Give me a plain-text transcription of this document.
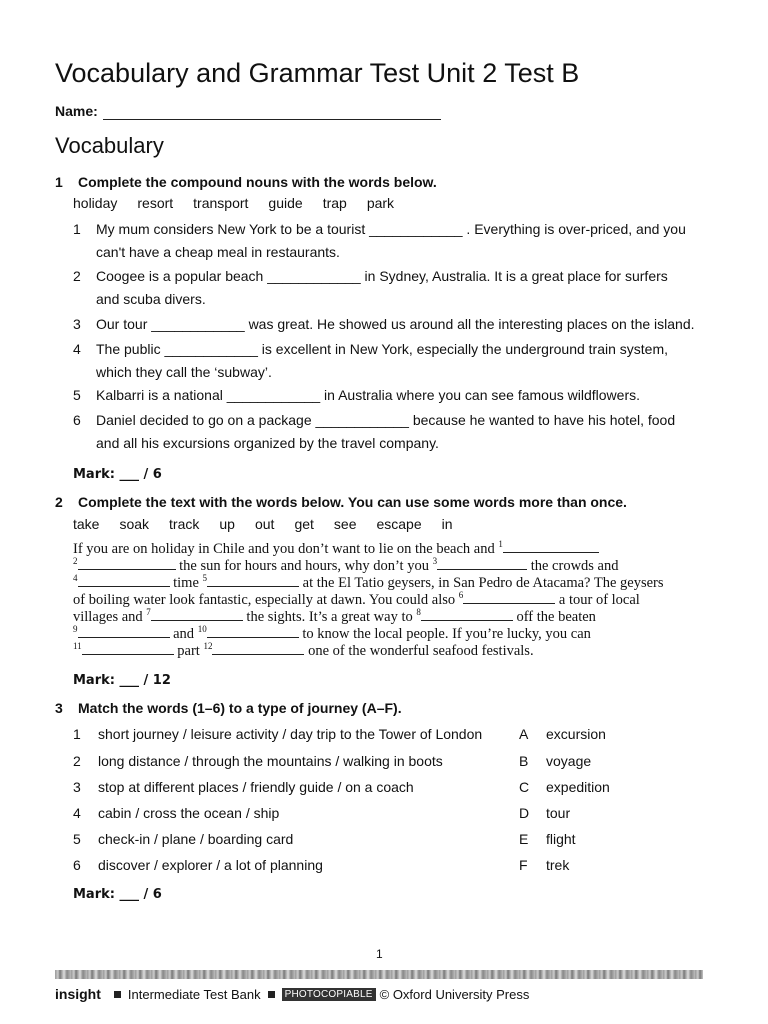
Vocabulary and Grammar Test Unit 2 Test B
Name:
Vocabulary
1 Complete the compound nouns with the words below.
holiday resort transport guide trap park
1 My mum considers New York to be a tourist ____________ . Everything is over-priced, and you
can't have a cheap meal in restaurants.
2 Coogee is a popular beach ____________ in Sydney, Australia. It is a great place for surfers
and scuba divers.
3 Our tour ____________ was great. He showed us around all the interesting places on the island.
4 The public ____________ is excellent in New York, especially the underground train system,
which they call the ‘subway’.
5 Kalbarri is a national ____________ in Australia where you can see famous wildflowers.
6 Daniel decided to go on a package ____________ because he wanted to have his hotel, food
and all his excursions organized by the travel company.
Mark: ___ / 6
2 Complete the text with the words below. You can use some words more than once.
take soak track up out get see escape in
If you are on holiday in Chile and you don’t want to lie on the beach and $^1$
$^2$	the sun for hours and hours, why don’t you $^3$	the crowds and
$^4$	time $^5$	at the El Tatio geysers, in San Pedro de Atacama? The geysers
of boiling water look fantastic, especially at dawn. You could also $^6$	a tour of local
villages and $^7$	the sights. It’s a great way to $^8$	off the beaten
$^9$	and $^{10}$	to know the local people. If you’re lucky, you can
$^{11}$	part $^{12}$	one of the wonderful seafood festivals.
Mark: ___ / 12
3 Match the words (1–6) to a type of journey (A–F).
1 short journey / leisure activity / day trip to the Tower of London	A excursion
2 long distance / through the mountains / walking in boots	B voyage
3 stop at different places / friendly guide / on a coach	C expedition
4 cabin / cross the ocean / ship	D tour
5 check-in / plane / boarding card	E flight
6 discover / explorer / a lot of planning	F trek
Mark: ___ / 6
1
insight Intermediate Test Bank	PHOTOCOPIABLE © Oxford University Press
